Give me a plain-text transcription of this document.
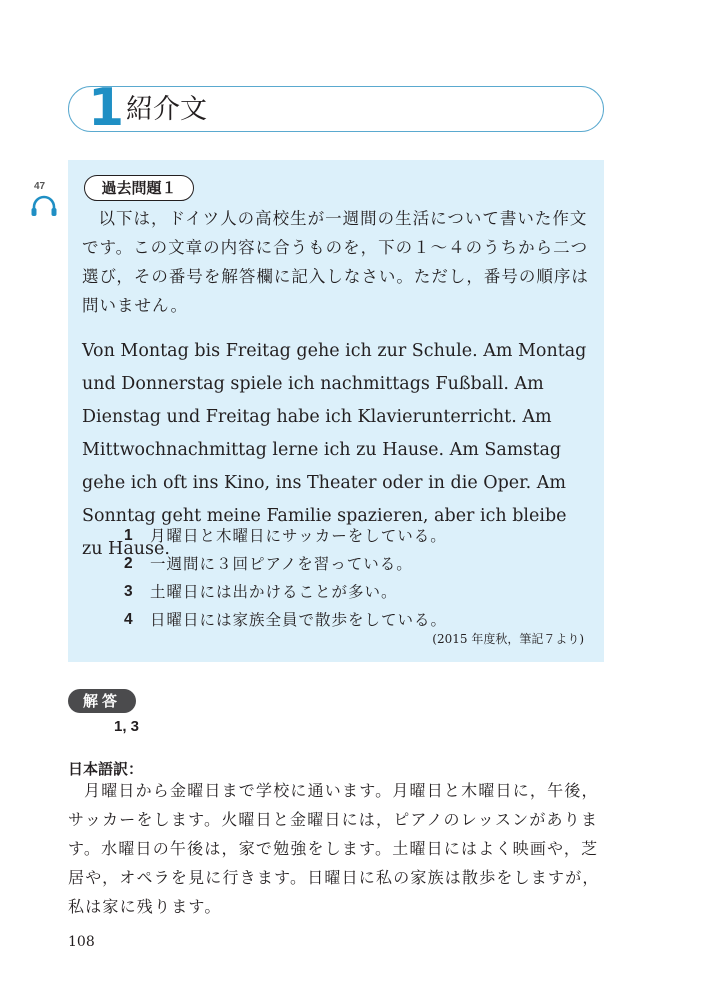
1 紹介文
47	過去問題１

以下は，ドイツ人の高校生が一週間の生活について書いた作文です。この文章の内容に合うものを，下の１～４のうちから二つ選び，その番号を解答欄に記入しなさい。ただし，番号の順序は問いません。

Von Montag bis Freitag gehe ich zur Schule. Am Montag und Donnerstag spiele ich nachmittags Fußball. Am Dienstag und Freitag habe ich Klavierunterricht. Am Mittwochnachmittag lerne ich zu Hause. Am Samstag gehe ich oft ins Kino, ins Theater oder in die Oper. Am Sonntag geht meine Familie spazieren, aber ich bleibe zu Hause.

1	月曜日と木曜日にサッカーをしている。
2	一週間に３回ピアノを習っている。
3	土曜日には出かけることが多い。
4	日曜日には家族全員で散歩をしている。
(2015 年度秋，筆記７より)
解答
1, 3
日本語訳：

月曜日から金曜日まで学校に通います。月曜日と木曜日に，午後，サッカーをします。火曜日と金曜日には，ピアノのレッスンがあります。水曜日の午後は，家で勉強をします。土曜日にはよく映画や，芝居や，オペラを見に行きます。日曜日に私の家族は散歩をしますが，私は家に残ります。

108
